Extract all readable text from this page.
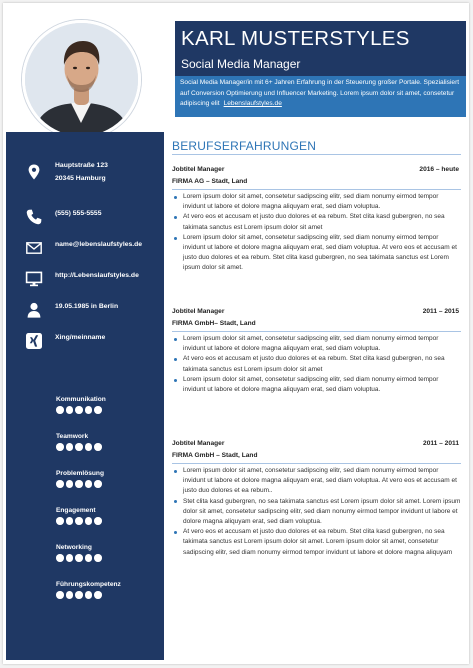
KARL MUSTERSTYLES
Social Media Manager
Social Media Manager/in mit 6+ Jahren Erfahrung in der Steuerung großer Portale. Spezialisiert auf Conversion Optimierung und Influencer Marketing. Lorem ipsum dolor sit amet, consetetur adipiscing elit Lebenslaufstyles.de
Hauptstraße 123
20345 Hamburg
(555) 555-5555
name@lebenslaufstyles.de
http://Lebenslaufstyles.de
19.05.1985 in Berlin
Xing/meinname
Kommunikation
Teamwork
Problemlösung
Engagement
Networking
Führungskompetenz
BERUFSERFAHRUNGEN
Jobtitel Manager	2016 – heute
FIRMA AG – Stadt, Land
Lorem ipsum dolor sit amet, consetetur sadipscing elitr, sed diam nonumy eirmod tempor invidunt ut labore et dolore magna aliquyam erat, sed diam voluptua.
At vero eos et accusam et justo duo dolores et ea rebum. Stet clita kasd gubergren, no sea takimata sanctus est Lorem ipsum dolor sit amet
Lorem ipsum dolor sit amet, consetetur sadipscing elitr, sed diam nonumy eirmod tempor invidunt ut labore et dolore magna aliquyam erat, sed diam voluptua. At vero eos et accusam et justo duo dolores et ea rebum. Stet clita kasd gubergren, no sea takimata sanctus est Lorem ipsum dolor sit amet.
Jobtitel Manager	2011 – 2015
FIRMA GmbH– Stadt, Land
Lorem ipsum dolor sit amet, consetetur sadipscing elitr, sed diam nonumy eirmod tempor invidunt ut labore et dolore magna aliquyam erat, sed diam voluptua.
At vero eos et accusam et justo duo dolores et ea rebum. Stet clita kasd gubergren, no sea takimata sanctus est Lorem ipsum dolor sit amet
Lorem ipsum dolor sit amet, consetetur sadipscing elitr, sed diam nonumy eirmod tempor invidunt ut labore et dolore magna aliquyam erat, sed diam voluptua.
Jobtitel Manager	2011 – 2011
FIRMA GmbH – Stadt, Land
Lorem ipsum dolor sit amet, consetetur sadipscing elitr, sed diam nonumy eirmod tempor invidunt ut labore et dolore magna aliquyam erat, sed diam voluptua. At vero eos et accusam et justo duo dolores et ea rebum..
Stet clita kasd gubergren, no sea takimata sanctus est Lorem ipsum dolor sit amet. Lorem ipsum dolor sit amet, consetetur sadipscing elitr, sed diam nonumy eirmod tempor invidunt ut labore et dolore magna aliquyam erat, sed diam voluptua.
At vero eos et accusam et justo duo dolores et ea rebum. Stet clita kasd gubergren, no sea takimata sanctus est Lorem ipsum dolor sit amet. Lorem ipsum dolor sit amet, consetetur sadipscing elitr, sed diam nonumy eirmod tempor invidunt ut labore et dolore magna aliquyam
